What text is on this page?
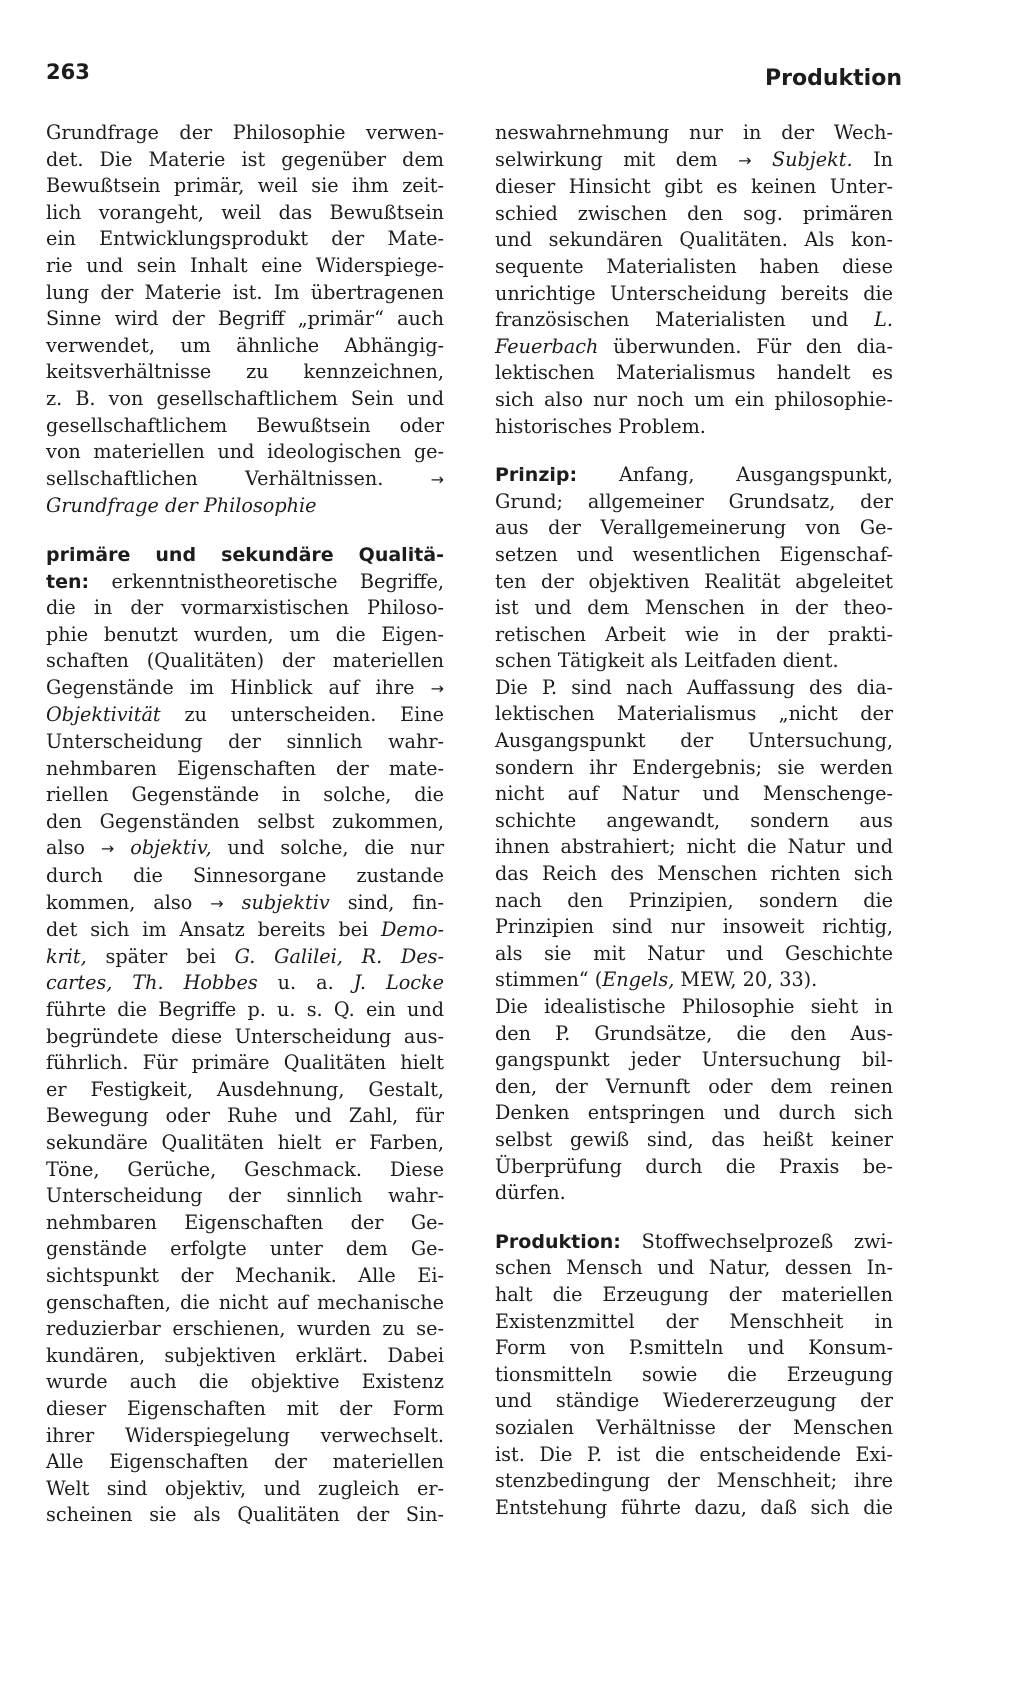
263	Produktion
Grundfrage der Philosophie verwen-
det. Die Materie ist gegenüber dem
Bewußtsein primär, weil sie ihm zeit-
lich vorangeht, weil das Bewußtsein
ein Entwicklungsprodukt der Mate-
rie und sein Inhalt eine Widerspiege-
lung der Materie ist. Im übertragenen
Sinne wird der Begriff „primär“ auch
verwendet, um ähnliche Abhängig-
keitsverhältnisse zu kennzeichnen,
z. B. von gesellschaftlichem Sein und
gesellschaftlichem Bewußtsein oder
von materiellen und ideologischen ge-
sellschaftlichen Verhältnissen.	→
Grundfrage der Philosophie
primäre und sekundäre Qualitä-
ten: erkenntnistheoretische Begriffe,
die in der vormarxistischen Philoso-
phie benutzt wurden, um die Eigen-
schaften (Qualitäten) der materiellen
Gegenstände im Hinblick auf ihre →
Objektivität zu unterscheiden. Eine
Unterscheidung der sinnlich wahr-
nehmbaren Eigenschaften der mate-
riellen Gegenstände in solche, die
den Gegenständen selbst zukommen,
also → objektiv, und solche, die nur
durch die Sinnesorgane zustande
kommen, also → subjektiv sind, fin-
det sich im Ansatz bereits bei Demo-
krit, später bei G. Galilei, R. Des-
cartes, Th. Hobbes u. a. J. Locke
führte die Begriffe p. u. s. Q. ein und
begründete diese Unterscheidung aus-
führlich. Für primäre Qualitäten hielt
er Festigkeit, Ausdehnung, Gestalt,
Bewegung oder Ruhe und Zahl, für
sekundäre Qualitäten hielt er Farben,
Töne, Gerüche, Geschmack. Diese
Unterscheidung der sinnlich wahr-
nehmbaren Eigenschaften der Ge-
genstände erfolgte unter dem Ge-
sichtspunkt der Mechanik. Alle Ei-
genschaften, die nicht auf mechanische
reduzierbar erschienen, wurden zu se-
kundären, subjektiven erklärt. Dabei
wurde auch die objektive Existenz
dieser Eigenschaften mit der Form
ihrer Widerspiegelung verwechselt.
Alle Eigenschaften der materiellen
Welt sind objektiv, und zugleich er-
scheinen sie als Qualitäten der Sin-
neswahrnehmung nur in der Wech-
selwirkung mit dem → Subjekt. In
dieser Hinsicht gibt es keinen Unter-
schied zwischen den sog. primären
und sekundären Qualitäten. Als kon-
sequente Materialisten haben diese
unrichtige Unterscheidung bereits die
französischen Materialisten und L.
Feuerbach überwunden. Für den dia-
lektischen Materialismus handelt es
sich also nur noch um ein philosophie-
historisches Problem.
Prinzip: Anfang, Ausgangspunkt,
Grund; allgemeiner Grundsatz, der
aus der Verallgemeinerung von Ge-
setzen und wesentlichen Eigenschaf-
ten der objektiven Realität abgeleitet
ist und dem Menschen in der theo-
retischen Arbeit wie in der prakti-
schen Tätigkeit als Leitfaden dient.
Die P. sind nach Auffassung des dia-
lektischen Materialismus „nicht der
Ausgangspunkt der Untersuchung,
sondern ihr Endergebnis; sie werden
nicht auf Natur und Menschenge-
schichte angewandt, sondern aus
ihnen abstrahiert; nicht die Natur und
das Reich des Menschen richten sich
nach den Prinzipien, sondern die
Prinzipien sind nur insoweit richtig,
als sie mit Natur und Geschichte
stimmen“ (Engels, MEW, 20, 33).
Die idealistische Philosophie sieht in
den P. Grundsätze, die den Aus-
gangspunkt jeder Untersuchung bil-
den, der Vernunft oder dem reinen
Denken entspringen und durch sich
selbst gewiß sind, das heißt keiner
Überprüfung durch die Praxis be-
dürfen.
Produktion: Stoffwechselprozeß zwi-
schen Mensch und Natur, dessen In-
halt die Erzeugung der materiellen
Existenzmittel der Menschheit in
Form von P.smitteln und Konsum-
tionsmitteln sowie die Erzeugung
und ständige Wiedererzeugung der
sozialen Verhältnisse der Menschen
ist. Die P. ist die entscheidende Exi-
stenzbedingung der Menschheit; ihre
Entstehung führte dazu, daß sich die
